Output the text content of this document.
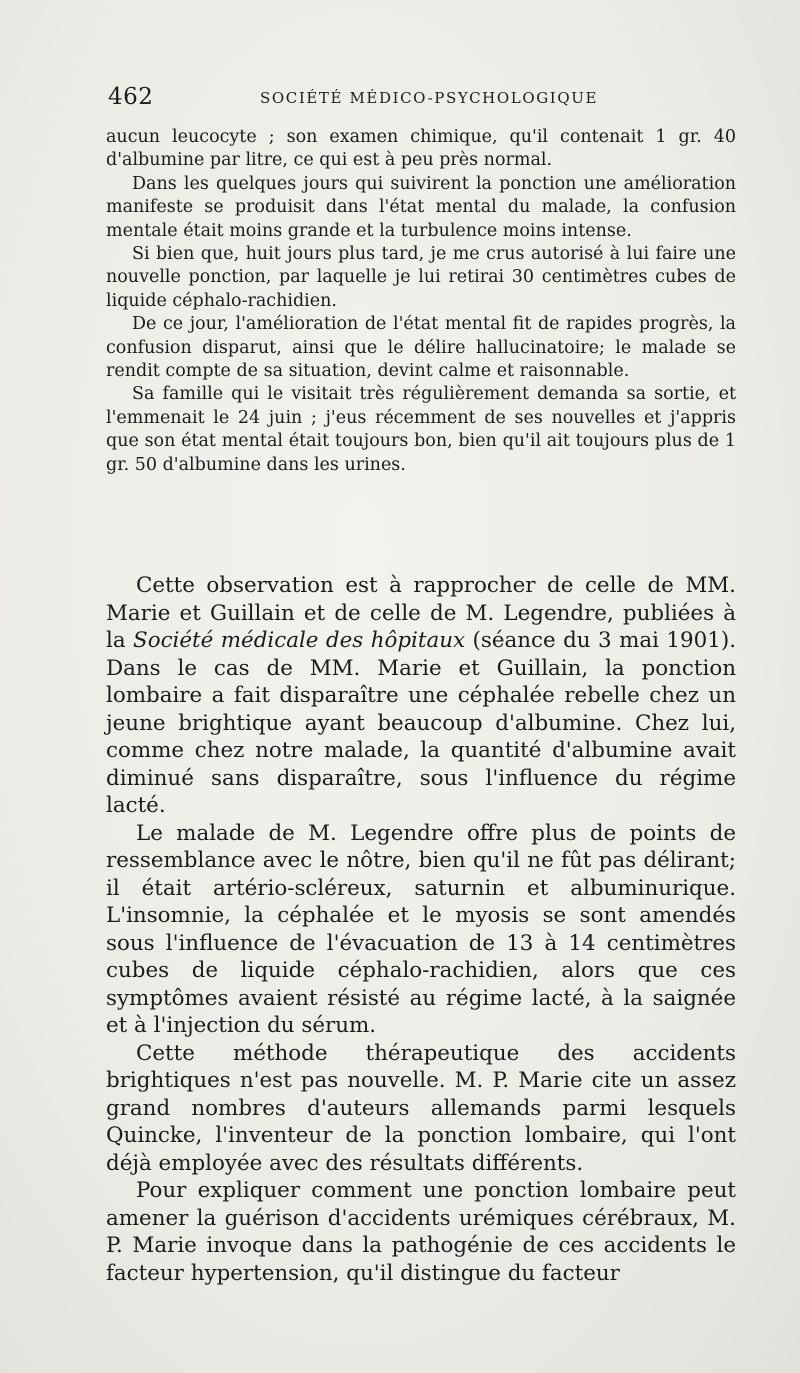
462	SOCIÉTÉ MÉDICO-PSYCHOLOGIQUE

aucun leucocyte ; son examen chimique, qu'il contenait 1 gr. 40 d'albumine par litre, ce qui est à peu près normal.

Dans les quelques jours qui suivirent la ponction une amélioration manifeste se produisit dans l'état mental du malade, la confusion mentale était moins grande et la turbulence moins intense.

Si bien que, huit jours plus tard, je me crus autorisé à lui faire une nouvelle ponction, par laquelle je lui retirai 30 centimètres cubes de liquide céphalo-rachidien.

De ce jour, l'amélioration de l'état mental fit de rapides progrès, la confusion disparut, ainsi que le délire hallucinatoire; le malade se rendit compte de sa situation, devint calme et raisonnable.

Sa famille qui le visitait très régulièrement demanda sa sortie, et l'emmenait le 24 juin ; j'eus récemment de ses nouvelles et j'appris que son état mental était toujours bon, bien qu'il ait toujours plus de 1 gr. 50 d'albumine dans les urines.

Cette observation est à rapprocher de celle de MM. Marie et Guillain et de celle de M. Legendre, publiées à la Société médicale des hôpitaux (séance du 3 mai 1901). Dans le cas de MM. Marie et Guillain, la ponction lombaire a fait disparaître une céphalée rebelle chez un jeune brightique ayant beaucoup d'albumine. Chez lui, comme chez notre malade, la quantité d'albumine avait diminué sans disparaître, sous l'influence du régime lacté.

Le malade de M. Legendre offre plus de points de ressemblance avec le nôtre, bien qu'il ne fût pas délirant; il était artério-scléreux, saturnin et albuminurique. L'insomnie, la céphalée et le myosis se sont amendés sous l'influence de l'évacuation de 13 à 14 centimètres cubes de liquide céphalo-rachidien, alors que ces symptômes avaient résisté au régime lacté, à la saignée et à l'injection du sérum.

Cette méthode thérapeutique des accidents brightiques n'est pas nouvelle. M. P. Marie cite un assez grand nombres d'auteurs allemands parmi lesquels Quincke, l'inventeur de la ponction lombaire, qui l'ont déjà employée avec des résultats différents.

Pour expliquer comment une ponction lombaire peut amener la guérison d'accidents urémiques cérébraux, M. P. Marie invoque dans la pathogénie de ces accidents le facteur hypertension, qu'il distingue du facteur
